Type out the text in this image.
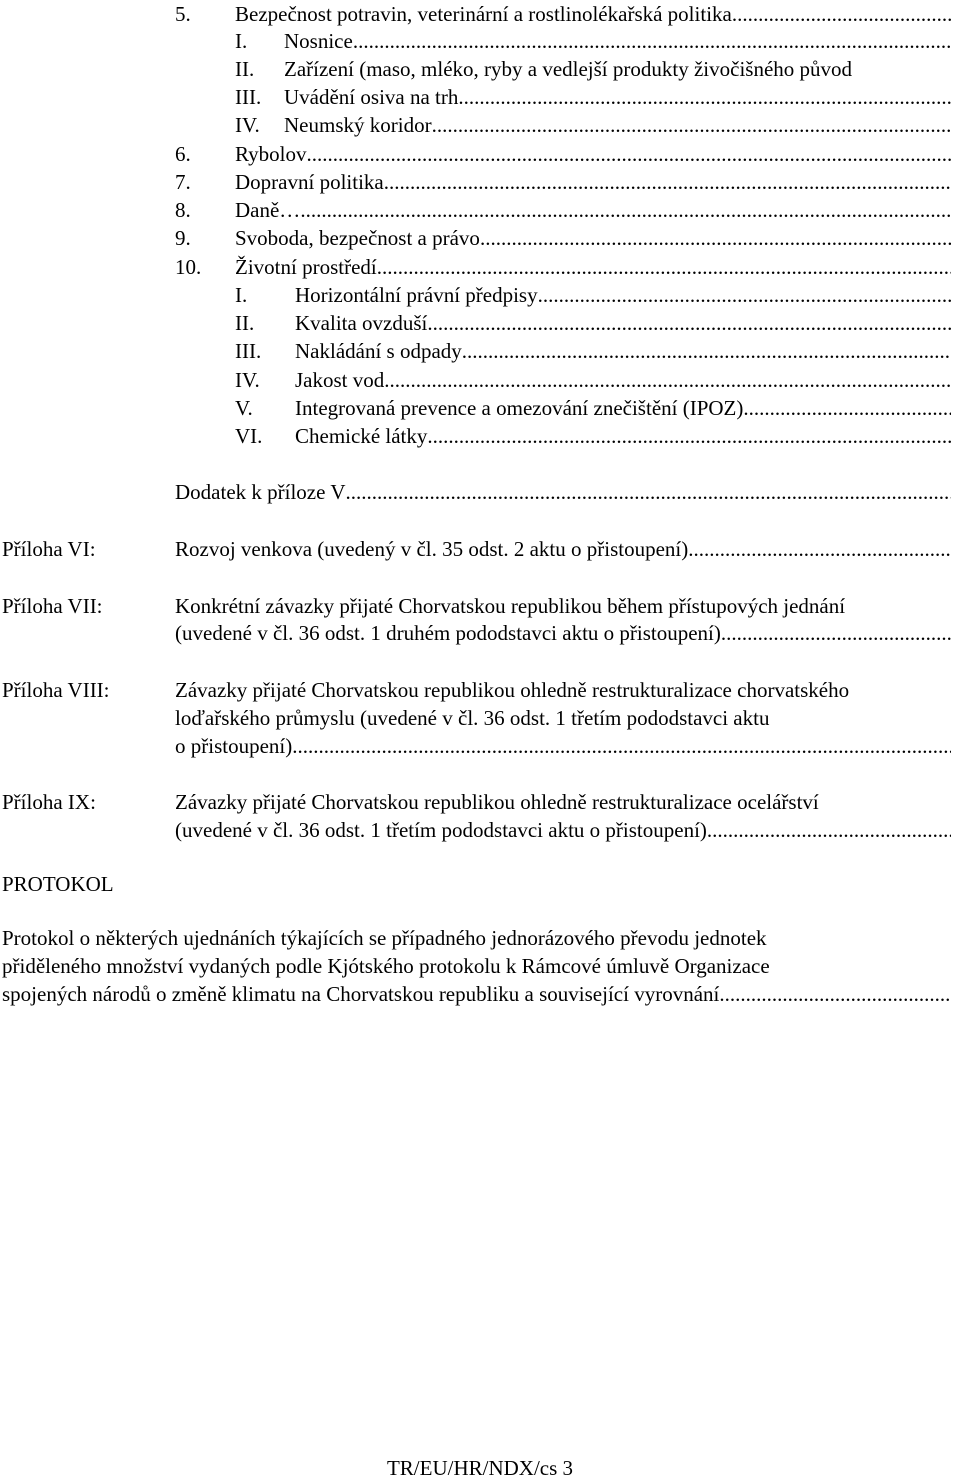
5.	Bezpečnost potravin, veterinární a rostlinolékařská politika
.....
I.	Nosnice
.....
II.	Zařízení (maso, mléko, ryby a vedlejší produkty živočišného původ
III.	Uvádění osiva na trh
.....
IV.	Neumský koridor
.....
6.	Rybolov
.....
7.	Dopravní politika
.....
8.	Daně…
.....
9.	Svoboda, bezpečnost a právo
.....
10.	Životní prostředí
.....
I.	Horizontální právní předpisy
.....
II.	Kvalita ovzduší
.....
III.	Nakládání s odpady
.....
IV.	Jakost vod
.....
V.	Integrovaná prevence a omezování znečištění (IPOZ)
.....
VI.	Chemické látky
.....
Dodatek k příloze V
.....
Příloha VI:	Rozvoj venkova (uvedený v čl. 35 odst. 2 aktu o přistoupení)
.....
Příloha VII:	Konkrétní závazky přijaté Chorvatskou republikou během přístupových jednání
(uvedené v čl. 36 odst. 1 druhém pododstavci aktu o přistoupení)
.....
Příloha VIII:	Závazky přijaté Chorvatskou republikou ohledně restrukturalizace chorvatského
loďařského průmyslu (uvedené v čl. 36 odst. 1 třetím pododstavci aktu
o přistoupení)..
.....
Příloha IX:	Závazky přijaté Chorvatskou republikou ohledně restrukturalizace ocelářství
(uvedené v čl. 36 odst. 1 třetím pododstavci aktu o přistoupení)
.....
PROTOKOL
Protokol o některých ujednáních týkajících se případného jednorázového převodu jednotek
přiděleného množství vydaných podle Kjótského protokolu k Rámcové úmluvě Organizace
spojených národů o změně klimatu na Chorvatskou republiku a související vyrovnání
.....
TR/EU/HR/NDX/cs 3
